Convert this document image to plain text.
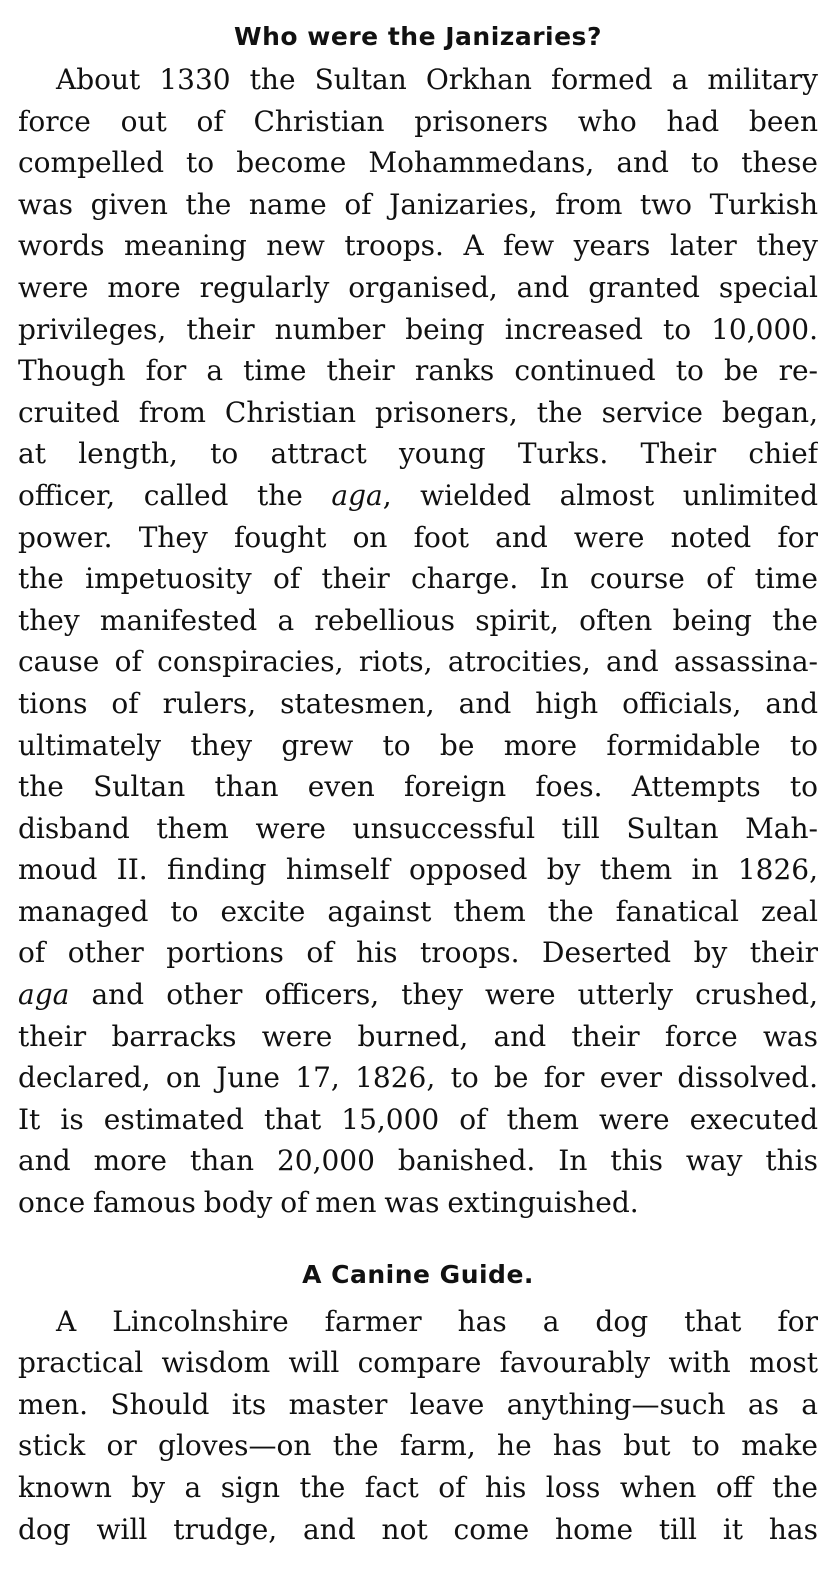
Who were the Janizaries?
About 1330 the Sultan Orkhan formed a military
force out of Christian prisoners who had been
compelled to become Mohammedans, and to these
was given the name of Janizaries, from two Turkish
words meaning new troops. A few years later they
were more regularly organised, and granted special
privileges, their number being increased to 10,000.
Though for a time their ranks continued to be re-
cruited from Christian prisoners, the service began,
at length, to attract young Turks. Their chief
officer, called the aga, wielded almost unlimited
power. They fought on foot and were noted for
the impetuosity of their charge. In course of time
they manifested a rebellious spirit, often being the
cause of conspiracies, riots, atrocities, and assassina-
tions of rulers, statesmen, and high officials, and
ultimately they grew to be more formidable to
the Sultan than even foreign foes. Attempts to
disband them were unsuccessful till Sultan Mah-
moud II. finding himself opposed by them in 1826,
managed to excite against them the fanatical zeal
of other portions of his troops. Deserted by their
aga and other officers, they were utterly crushed,
their barracks were burned, and their force was
declared, on June 17, 1826, to be for ever dissolved.
It is estimated that 15,000 of them were executed
and more than 20,000 banished. In this way this
once famous body of men was extinguished.
A Canine Guide.
A Lincolnshire farmer has a dog that for
practical wisdom will compare favourably with most
men. Should its master leave anything—such as a
stick or gloves—on the farm, he has but to make
known by a sign the fact of his loss when off the
dog will trudge, and not come home till it has
